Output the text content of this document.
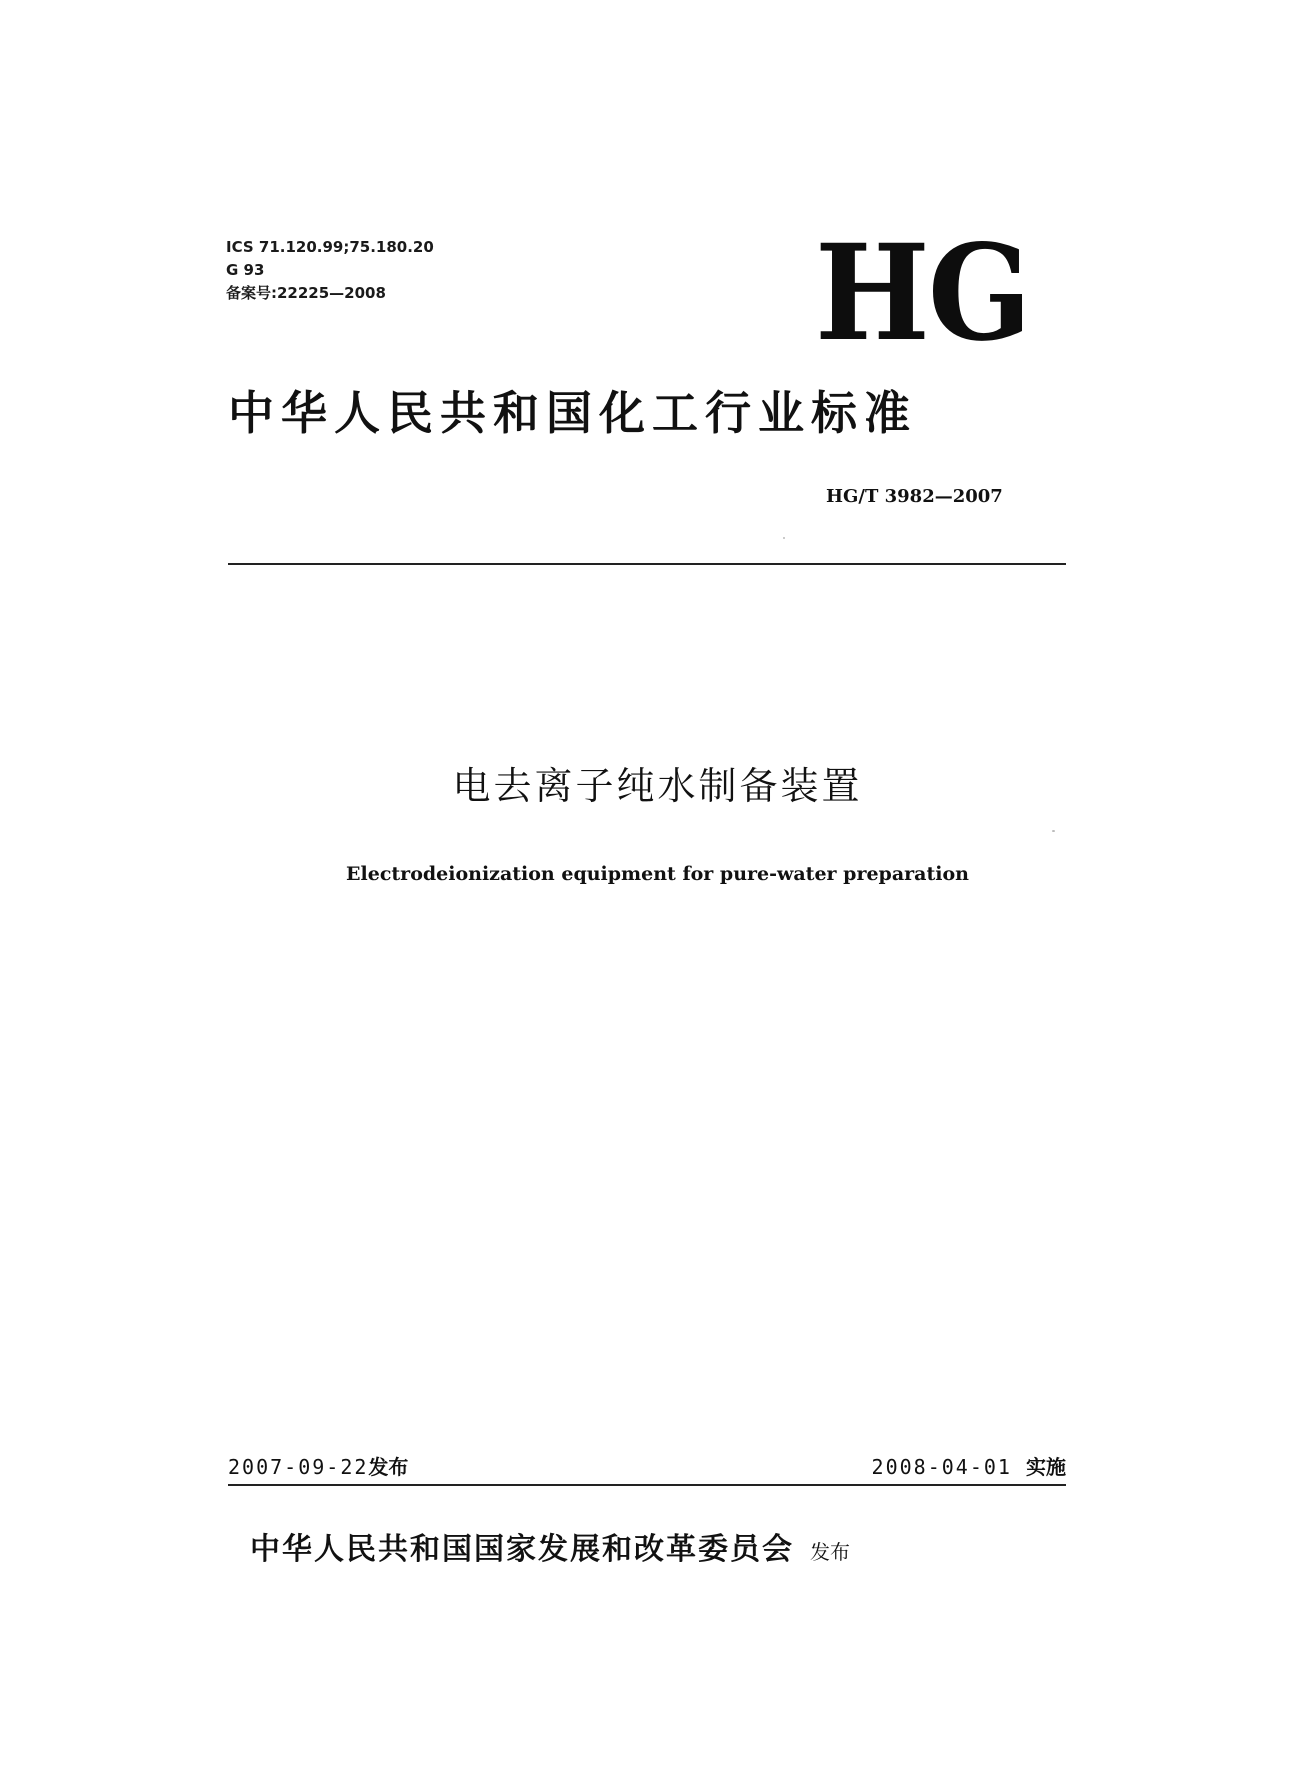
ICS 71.120.99;75.180.20
G 93
备案号:22225—2008	HG
中华人民共和国化工行业标准
HG/T 3982—2007
电去离子纯水制备装置
Electrodeionization equipment for pure-water preparation
2007-09-22发布	2008-04-01 实施
中华人民共和国国家发展和改革委员会 发布
